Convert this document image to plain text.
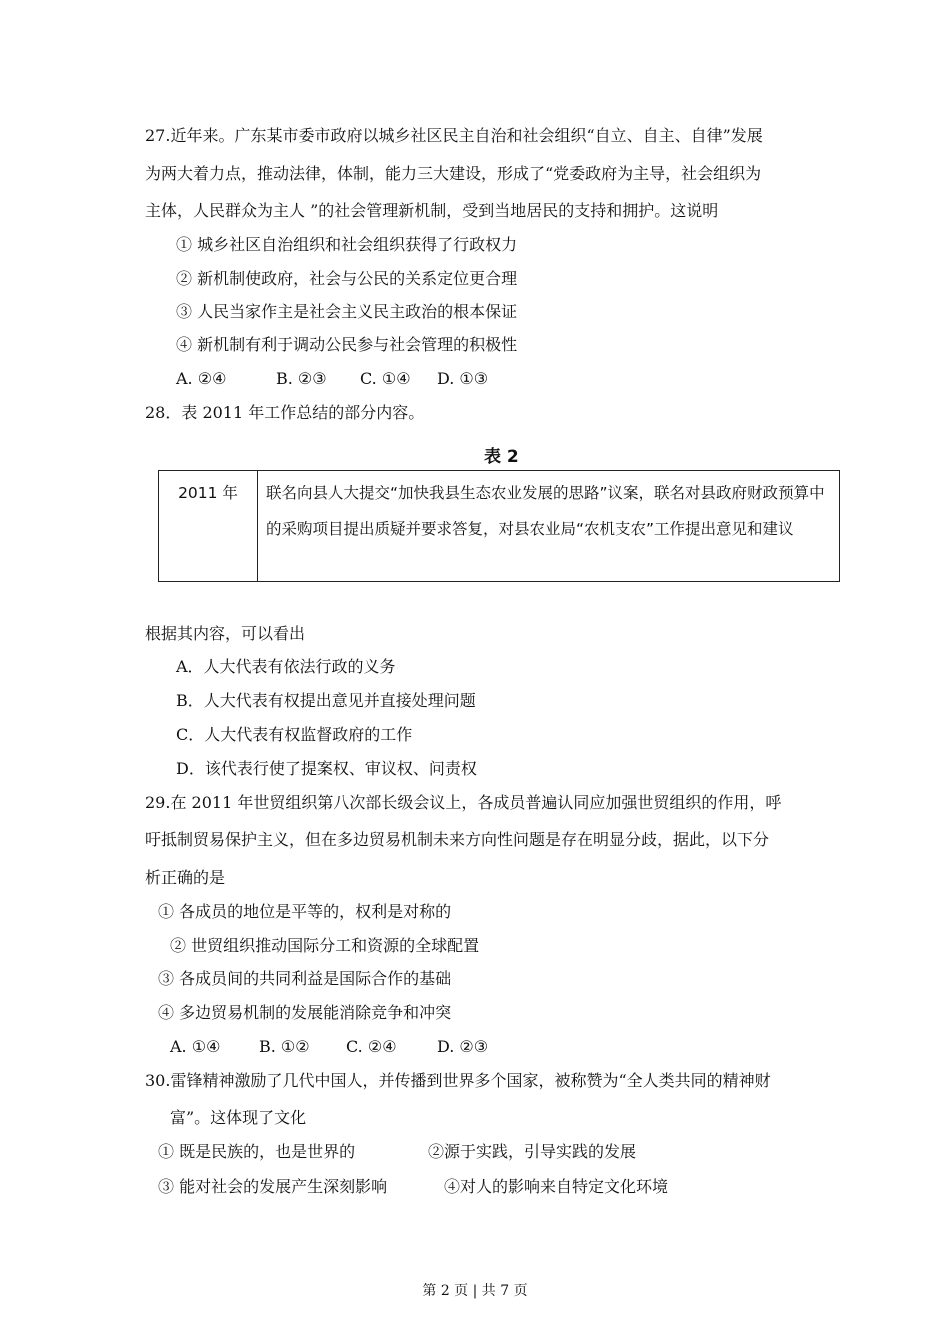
27.近年来。广东某市委市政府以城乡社区民主自治和社会组织“自立、自主、自律”发展
为两大着力点，推动法律，体制，能力三大建设，形成了“党委政府为主导，社会组织为
主体，人民群众为主人 ”的社会管理新机制，受到当地居民的支持和拥护。这说明
① 城乡社区自治组织和社会组织获得了行政权力
② 新机制使政府，社会与公民的关系定位更合理
③ 人民当家作主是社会主义民主政治的根本保证
④ 新机制有利于调动公民参与社会管理的积极性
A. ②④	B. ②③ C. ①④ D. ①③
28．表 2011 年工作总结的部分内容。
表 2
2011 年	联名向县人大提交“加快我县生态农业发展的思路”议案，联名对县政府财政预算中的采购项目提出质疑并要求答复，对县农业局“农机支农”工作提出意见和建议
根据其内容，可以看出
A．人大代表有依法行政的义务
B．人大代表有权提出意见并直接处理问题
C．人大代表有权监督政府的工作
D．该代表行使了提案权、审议权、问责权
29.在 2011 年世贸组织第八次部长级会议上，各成员普遍认同应加强世贸组织的作用，呼
吁抵制贸易保护主义，但在多边贸易机制未来方向性问题是存在明显分歧，据此，以下分
析正确的是
① 各成员的地位是平等的，权利是对称的
② 世贸组织推动国际分工和资源的全球配置
③ 各成员间的共同利益是国际合作的基础
④ 多边贸易机制的发展能消除竞争和冲突
A. ①④ B. ①② C. ②④	D. ②③
30.雷锋精神激励了几代中国人，并传播到世界多个国家，被称赞为“全人类共同的精神财
富”。这体现了文化
① 既是民族的，也是世界的	②源于实践，引导实践的发展
③ 能对社会的发展产生深刻影响	④对人的影响来自特定文化环境
第 2 页 | 共 7 页
